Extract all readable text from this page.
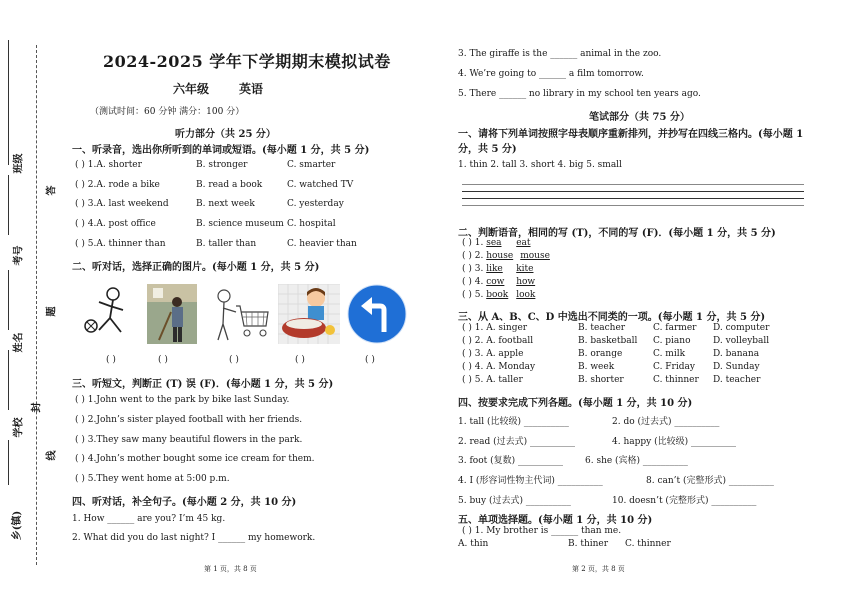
班级
考号
姓名
学校
乡(镇)
答
题
封
线
2024-2025 学年下学期期末模拟试卷
六年级 英语
（测试时间：60 分钟 满分：100 分）
听力部分（共 25 分）
一、听录音，选出你所听到的单词或短语。(每小题 1 分，共 5 分)
( ) 1.A. shorter	B. stronger	C. smarter
( ) 2.A. rode a bike	B. read a book	C. watched TV
( ) 3.A. last weekend	B. next week	C. yesterday
( ) 4.A. post office	B. science museum C. hospital
( ) 5.A. thinner than	B. taller than	C. heavier than
二、听对话，选择正确的图片。(每小题 1 分，共 5 分)
( )	( )	( )	( )	( )
三、听短文，判断正 (T) 误 (F)．(每小题 1 分，共 5 分)
( ) 1.John went to the park by bike last Sunday.
( ) 2.John’s sister played football with her friends.
( ) 3.They saw many beautiful flowers in the park.
( ) 4.John’s mother bought some ice cream for them.
( ) 5.They went home at 5:00 p.m.
四、听对话，补全句子。(每小题 2 分，共 10 分)
1. How ______ are you? I’m 45 kg.
2. What did you do last night? I ______ my homework.
第 1 页，共 8 页
3. The giraffe is the ______ animal in the zoo.
4. We’re going to ______ a film tomorrow.
5. There ______ no library in my school ten years ago.
笔试部分（共 75 分）
一、请将下列单词按照字母表顺序重新排列，并抄写在四线三格内。(每小题 1
分，共 5 分)
1. thin 2. tall 3. short 4. big 5. small
二、判断语音，相同的写 (T)，不同的写 (F)．(每小题 1 分，共 5 分)
( ) 1. sea eat
( ) 2. house mouse
( ) 3. like kite
( ) 4. cow how
( ) 5. book look
三、从 A、B、C、D 中选出不同类的一项。(每小题 1 分，共 5 分)
( ) 1. A. singer	B. teacher	C. farmer D. computer
( ) 2. A. football	B. basketball C. piano D. volleyball
( ) 3. A. apple	B. orange	C. milk	D. banana
( ) 4. A. Monday	B. week	C. Friday D. Sunday
( ) 5. A. taller	B. shorter	C. thinner D. teacher
四、按要求完成下列各题。(每小题 1 分，共 10 分)
1. tall (比较级) __________	2. do (过去式) __________
2. read (过去式) __________	4. happy (比较级) __________
3. foot (复数) __________ 6. she (宾格) __________
4. I (形容词性物主代词) __________	8. can’t (完整形式) __________
5. buy (过去式) __________	10. doesn’t (完整形式) __________
五、单项选择题。(每小题 1 分，共 10 分)
( ) 1. My brother is ______ than me.
A. thin	B. thiner C. thinner
第 2 页，共 8 页
